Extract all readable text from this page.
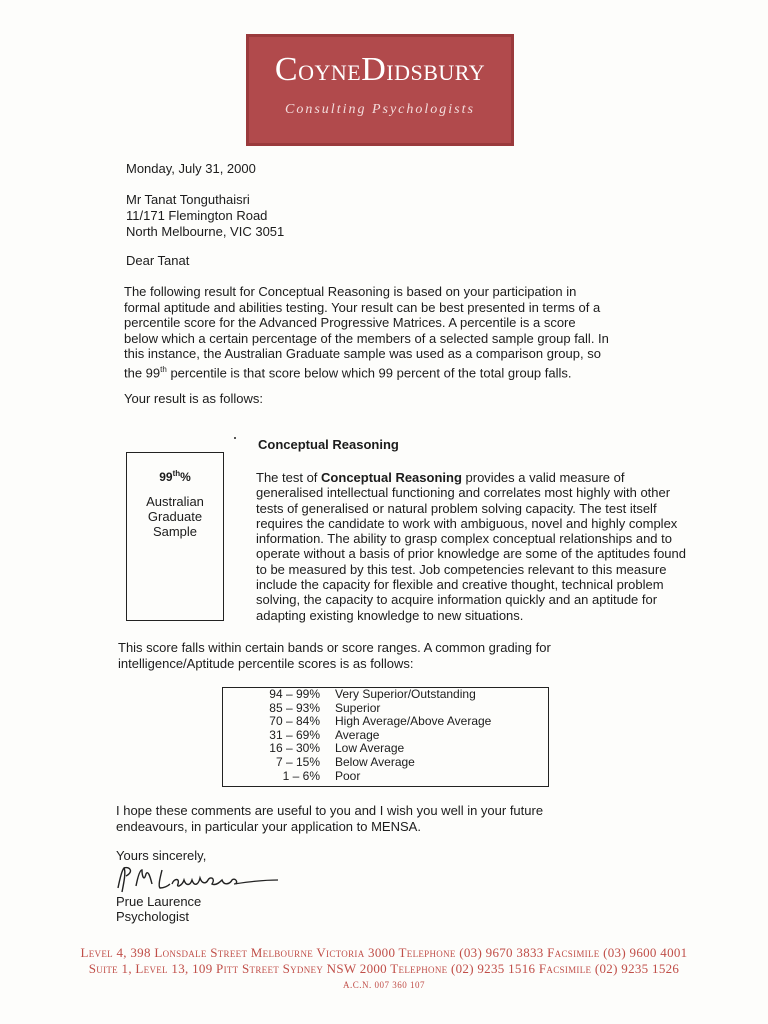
COYNEDIDSBURY
Consulting Psychologists
Monday, July 31, 2000
Mr Tanat Tonguthaisri
11/171 Flemington Road
North Melbourne, VIC 3051
Dear Tanat
The following result for Conceptual Reasoning is based on your participation in
formal aptitude and abilities testing. Your result can be best presented in terms of a
percentile score for the Advanced Progressive Matrices. A percentile is a score
below which a certain percentage of the members of a selected sample group fall. In
this instance, the Australian Graduate sample was used as a comparison group, so
the 99th percentile is that score below which 99 percent of the total group falls.
Your result is as follows:
Conceptual Reasoning
99th%
Australian
Graduate
Sample
The test of Conceptual Reasoning provides a valid measure of
generalised intellectual functioning and correlates most highly with other
tests of generalised or natural problem solving capacity. The test itself
requires the candidate to work with ambiguous, novel and highly complex
information. The ability to grasp complex conceptual relationships and to
operate without a basis of prior knowledge are some of the aptitudes found
to be measured by this test. Job competencies relevant to this measure
include the capacity for flexible and creative thought, technical problem
solving, the capacity to acquire information quickly and an aptitude for
adapting existing knowledge to new situations.
This score falls within certain bands or score ranges. A common grading for
intelligence/Aptitude percentile scores is as follows:
94 – 99% Very Superior/Outstanding
85 – 93% Superior
70 – 84% High Average/Above Average
31 – 69% Average
16 – 30% Low Average
7 – 15% Below Average
1 – 6% Poor
I hope these comments are useful to you and I wish you well in your future
endeavours, in particular your application to MENSA.
Yours sincerely,
Prue Laurence
Psychologist
Level 4, 398 Lonsdale Street Melbourne Victoria 3000 Telephone (03) 9670 3833 Facsimile (03) 9600 4001
Suite 1, Level 13, 109 Pitt Street Sydney NSW 2000 Telephone (02) 9235 1516 Facsimile (02) 9235 1526
A.C.N. 007 360 107
